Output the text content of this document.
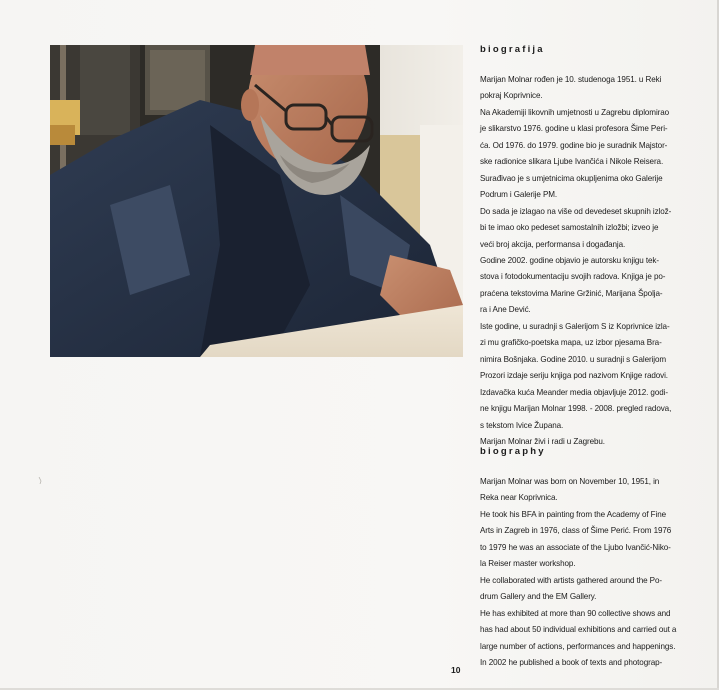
biografija
Marijan Molnar rođen je 10. studenoga 1951. u Reki
pokraj Koprivnice.
Na Akademiji likovnih umjetnosti u Zagrebu diplomirao
je slikarstvo 1976. godine u klasi profesora Šime Peri-
ća. Od 1976. do 1979. godine bio je suradnik Majstor-
ske radionice slikara Ljube Ivančića i Nikole Reisera.
Surađivao je s umjetnicima okupljenima oko Galerije
Podrum i Galerije PM.
Do sada je izlagao na više od devedeset skupnih izlož-
bi te imao oko pedeset samostalnih izložbi; izveo je
veći broj akcija, performansa i događanja.
Godine 2002. godine objavio je autorsku knjigu tek-
stova i fotodokumentaciju svojih radova. Knjiga je po-
praćena tekstovima Marine Gržinić, Marijana Špolja-
ra i Ane Dević.
Iste godine, u suradnji s Galerijom S iz Koprivnice izla-
zi mu grafičko-poetska mapa, uz izbor pjesama Bra-
nimira Bošnjaka. Godine 2010. u suradnji s Galerijom
Prozori izdaje seriju knjiga pod nazivom Knjige radovi.
Izdavačka kuća Meander media objavljuje 2012. godi-
ne knjigu Marijan Molnar 1998. - 2008. pregled radova,
s tekstom Ivice Župana.
Marijan Molnar živi i radi u Zagrebu.
biography
Marijan Molnar was born on November 10, 1951, in
Reka near Koprivnica.
He took his BFA in painting from the Academy of Fine
Arts in Zagreb in 1976, class of Šime Perić. From 1976
to 1979 he was an associate of the Ljubo Ivančić-Niko-
la Reiser master workshop.
He collaborated with artists gathered around the Po-
drum Gallery and the EM Gallery.
He has exhibited at more than 90 collective shows and
has had about 50 individual exhibitions and carried out a
large number of actions, performances and happenings.
In 2002 he published a book of texts and photograp-
10
